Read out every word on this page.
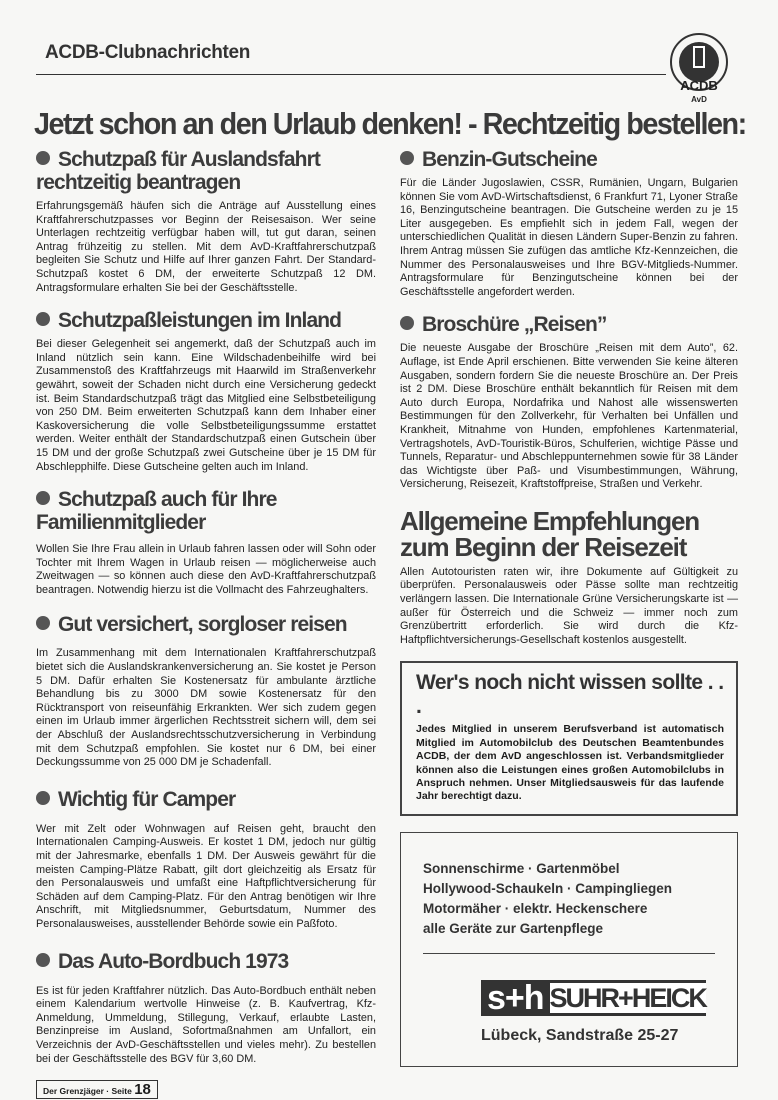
ACDB-Clubnachrichten
ACDB
AvD
Jetzt schon an den Urlaub denken! - Rechtzeitig bestellen:
Schutzpaß für Auslandsfahrt rechtzeitig beantragen

Erfahrungsgemäß häufen sich die Anträge auf Ausstellung eines Kraftfahrerschutzpasses vor Beginn der Reisesaison. Wer seine Unterlagen rechtzeitig verfügbar haben will, tut gut daran, seinen Antrag frühzeitig zu stellen. Mit dem AvD-Kraftfahrerschutzpaß begleiten Sie Schutz und Hilfe auf Ihrer ganzen Fahrt. Der Standard-Schutzpaß kostet 6 DM, der erweiterte Schutzpaß 12 DM. Antragsformulare erhalten Sie bei der Geschäftsstelle.

Schutzpaßleistungen im Inland

Bei dieser Gelegenheit sei angemerkt, daß der Schutzpaß auch im Inland nützlich sein kann. Eine Wildschadenbeihilfe wird bei Zusammenstoß des Kraftfahrzeugs mit Haarwild im Straßenverkehr gewährt, soweit der Schaden nicht durch eine Versicherung gedeckt ist. Beim Standardschutzpaß trägt das Mitglied eine Selbstbeteiligung von 250 DM. Beim erweiterten Schutzpaß kann dem Inhaber einer Kaskoversicherung die volle Selbstbeteiligungssumme erstattet werden. Weiter enthält der Standardschutzpaß einen Gutschein über 15 DM und der große Schutzpaß zwei Gutscheine über je 15 DM für Abschlepphilfe. Diese Gutscheine gelten auch im Inland.

Schutzpaß auch für Ihre Familienmitglieder

Wollen Sie Ihre Frau allein in Urlaub fahren lassen oder will Sohn oder Tochter mit Ihrem Wagen in Urlaub reisen — möglicherweise auch Zweitwagen — so können auch diese den AvD-Kraftfahrerschutzpaß beantragen. Notwendig hierzu ist die Vollmacht des Fahrzeughalters.

Gut versichert, sorgloser reisen

Im Zusammenhang mit dem Internationalen Kraftfahrerschutzpaß bietet sich die Auslandskrankenversicherung an. Sie kostet je Person 5 DM. Dafür erhalten Sie Kostenersatz für ambulante ärztliche Behandlung bis zu 3000 DM sowie Kostenersatz für den Rücktransport von reiseunfähig Erkrankten. Wer sich zudem gegen einen im Urlaub immer ärgerlichen Rechtsstreit sichern will, dem sei der Abschluß der Auslandsrechtsschutzversicherung in Verbindung mit dem Schutzpaß empfohlen. Sie kostet nur 6 DM, bei einer Deckungssumme von 25 000 DM je Schadenfall.

Wichtig für Camper

Wer mit Zelt oder Wohnwagen auf Reisen geht, braucht den Internationalen Camping-Ausweis. Er kostet 1 DM, jedoch nur gültig mit der Jahresmarke, ebenfalls 1 DM. Der Ausweis gewährt für die meisten Camping-Plätze Rabatt, gilt dort gleichzeitig als Ersatz für den Personalausweis und umfaßt eine Haftpflichtversicherung für Schäden auf dem Camping-Platz. Für den Antrag benötigen wir Ihre Anschrift, mit Mitgliedsnummer, Geburtsdatum, Nummer des Personalausweises, ausstellender Behörde sowie ein Paßfoto.

Das Auto-Bordbuch 1973

Es ist für jeden Kraftfahrer nützlich. Das Auto-Bordbuch enthält neben einem Kalendarium wertvolle Hinweise (z. B. Kaufvertrag, Kfz-Anmeldung, Ummeldung, Stillegung, Verkauf, erlaubte Lasten, Benzinpreise im Ausland, Sofortmaßnahmen am Unfallort, ein Verzeichnis der AvD-Geschäftsstellen und vieles mehr). Zu bestellen bei der Geschäftsstelle des BGV für 3,60 DM.

Der Grenzjäger · Seite 18
Benzin-Gutscheine

Für die Länder Jugoslawien, CSSR, Rumänien, Ungarn, Bulgarien können Sie vom AvD-Wirtschaftsdienst, 6 Frankfurt 71, Lyoner Straße 16, Benzingutscheine beantragen. Die Gutscheine werden zu je 15 Liter ausgegeben. Es empfiehlt sich in jedem Fall, wegen der unterschiedlichen Qualität in diesen Ländern Super-Benzin zu fahren. Ihrem Antrag müssen Sie zufügen das amtliche Kfz-Kennzeichen, die Nummer des Personalausweises und Ihre BGV-Mitglieds-Nummer. Antragsformulare für Benzingutscheine können bei der Geschäftsstelle angefordert werden.

Broschüre „Reisen”

Die neueste Ausgabe der Broschüre „Reisen mit dem Auto”, 62. Auflage, ist Ende April erschienen. Bitte verwenden Sie keine älteren Ausgaben, sondern fordern Sie die neueste Broschüre an. Der Preis ist 2 DM. Diese Broschüre enthält bekanntlich für Reisen mit dem Auto durch Europa, Nordafrika und Nahost alle wissenswerten Bestimmungen für den Zollverkehr, für Verhalten bei Unfällen und Krankheit, Mitnahme von Hunden, empfohlenes Kartenmaterial, Vertragshotels, AvD-Touristik-Büros, Schulferien, wichtige Pässe und Tunnels, Reparatur- und Abschleppunternehmen sowie für 38 Länder das Wichtigste über Paß- und Visumbestimmungen, Währung, Versicherung, Reisezeit, Kraftstoffpreise, Straßen und Verkehr.

Allgemeine Empfehlungen
zum Beginn der Reisezeit

Allen Autotouristen raten wir, ihre Dokumente auf Gültigkeit zu überprüfen. Personalausweis oder Pässe sollte man rechtzeitig verlängern lassen. Die Internationale Grüne Versicherungskarte ist — außer für Österreich und die Schweiz — immer noch zum Grenzübertritt erforderlich. Sie wird durch die Kfz-Haftpflichtversicherungs-Gesellschaft kostenlos ausgestellt.

Wer's noch nicht wissen sollte . . .
Jedes Mitglied in unserem Berufsverband ist automatisch Mitglied im Automobilclub des Deutschen Beamtenbundes ACDB, der dem AvD angeschlossen ist. Verbandsmitglieder können also die Leistungen eines großen Automobilclubs in Anspruch nehmen. Unser Mitgliedsausweis für das laufende Jahr berechtigt dazu.
Sonnenschirme · Gartenmöbel
Hollywood-Schaukeln · Campingliegen
Motormäher · elektr. Heckenschere
alle Geräte zur Gartenpflege
s+h SUHR+HEICK
Lübeck, Sandstraße 25-27
